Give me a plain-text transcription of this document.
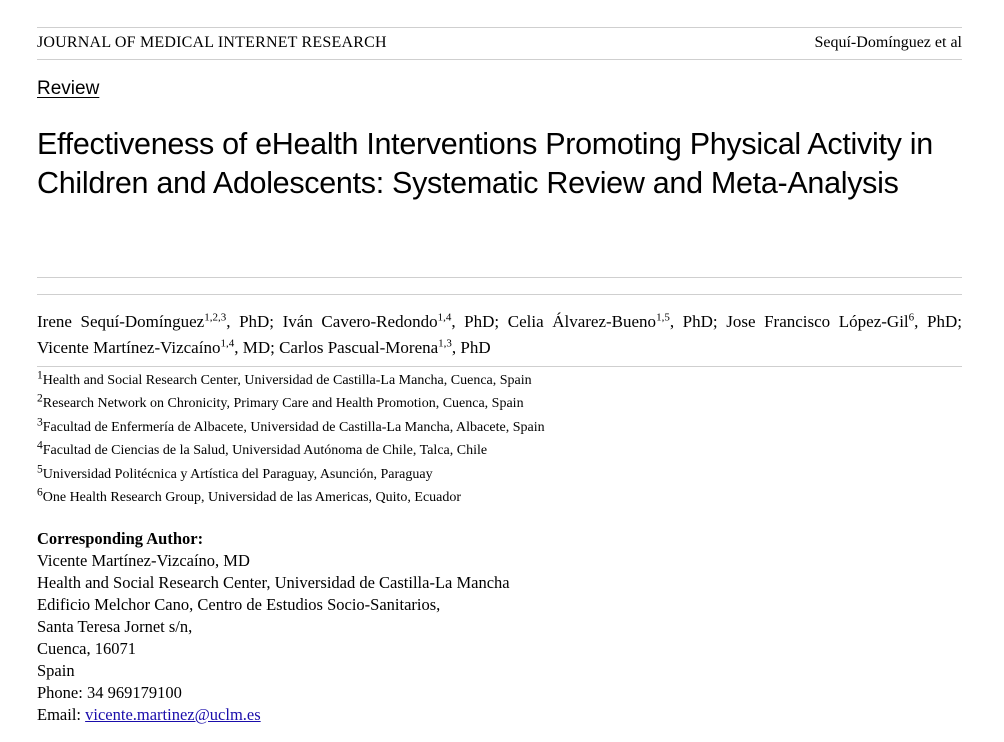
JOURNAL OF MEDICAL INTERNET RESEARCH	Sequí-Domínguez et al
Review
Effectiveness of eHealth Interventions Promoting Physical Activity in Children and Adolescents: Systematic Review and Meta-Analysis

Irene Sequí-Domínguez$^{1,2,3}$, PhD; Iván Cavero-Redondo$^{1,4}$, PhD; Celia Álvarez-Bueno$^{1,5}$, PhD; Jose Francisco López-Gil$^6$, PhD; Vicente Martínez-Vizcaíno$^{1,4}$, MD; Carlos Pascual-Morena$^{1,3}$, PhD

$^1$Health and Social Research Center, Universidad de Castilla-La Mancha, Cuenca, Spain
$^2$Research Network on Chronicity, Primary Care and Health Promotion, Cuenca, Spain
$^3$Facultad de Enfermería de Albacete, Universidad de Castilla-La Mancha, Albacete, Spain
$^4$Facultad de Ciencias de la Salud, Universidad Autónoma de Chile, Talca, Chile
$^5$Universidad Politécnica y Artística del Paraguay, Asunción, Paraguay
$^6$One Health Research Group, Universidad de las Americas, Quito, Ecuador
Corresponding Author:
Vicente Martínez-Vizcaíno, MD
Health and Social Research Center, Universidad de Castilla-La Mancha
Edificio Melchor Cano, Centro de Estudios Socio-Sanitarios,
Santa Teresa Jornet s/n,
Cuenca, 16071
Spain
Phone: 34 969179100
Email: vicente.martinez@uclm.es
